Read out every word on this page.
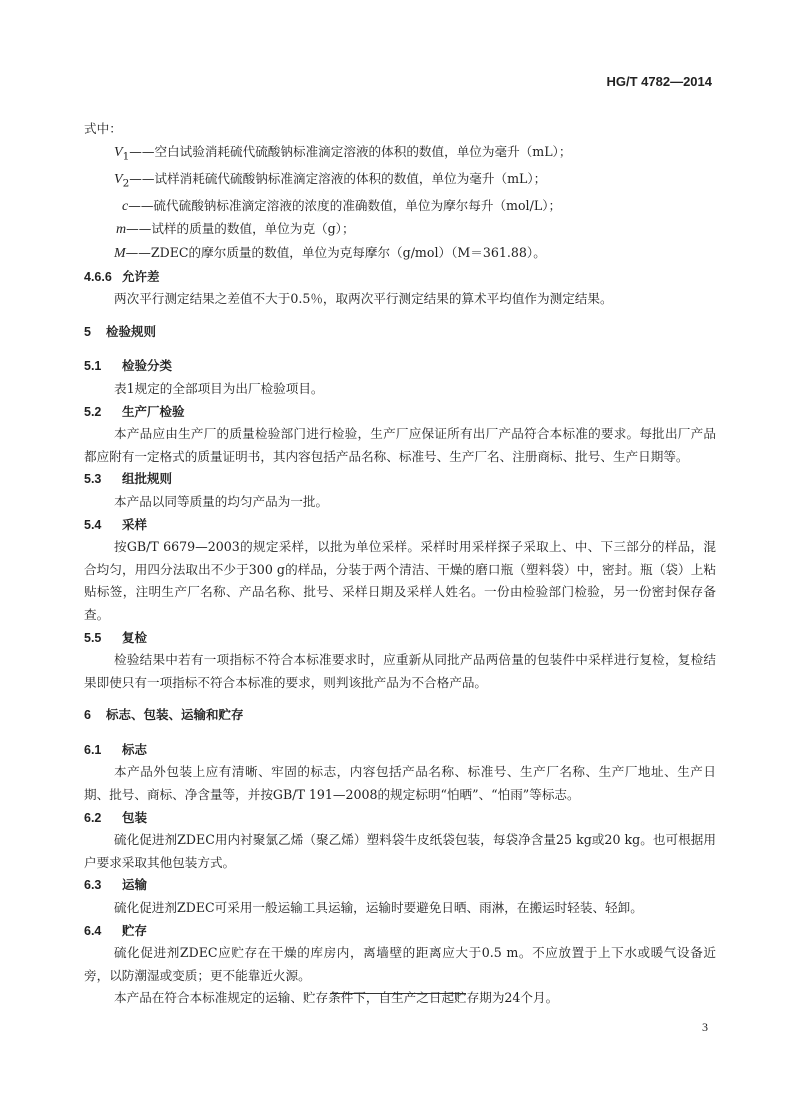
HG/T 4782—2014
式中：
$V_1——$空白试验消耗硫代硫酸钠标准滴定溶液的体积的数值，单位为毫升（mL）；
$V_2——$试样消耗硫代硫酸钠标准滴定溶液的体积的数值，单位为毫升（mL）；
c——硫代硫酸钠标准滴定溶液的浓度的准确数值，单位为摩尔每升（mol/L）；
m——试样的质量的数值，单位为克（g）；
M——ZDEC的摩尔质量的数值，单位为克每摩尔（g/mol）（M＝361.88）。
4.6.6 允许差
两次平行测定结果之差值不大于0.5％，取两次平行测定结果的算术平均值作为测定结果。
5 检验规则
5.1 检验分类
表1规定的全部项目为出厂检验项目。
5.2 生产厂检验
本产品应由生产厂的质量检验部门进行检验，生产厂应保证所有出厂产品符合本标准的要求。每批出厂产品都应附有一定格式的质量证明书，其内容包括产品名称、标准号、生产厂名、注册商标、批号、生产日期等。
5.3 组批规则
本产品以同等质量的均匀产品为一批。
5.4 采样
按GB/T 6679—2003的规定采样，以批为单位采样。采样时用采样探子采取上、中、下三部分的样品，混合均匀，用四分法取出不少于300 g的样品，分装于两个清洁、干燥的磨口瓶（塑料袋）中，密封。瓶（袋）上粘贴标签，注明生产厂名称、产品名称、批号、采样日期及采样人姓名。一份由检验部门检验，另一份密封保存备查。
5.5 复检
检验结果中若有一项指标不符合本标准要求时，应重新从同批产品两倍量的包装件中采样进行复检，复检结果即使只有一项指标不符合本标准的要求，则判该批产品为不合格产品。
6 标志、包装、运输和贮存
6.1 标志
本产品外包装上应有清晰、牢固的标志，内容包括产品名称、标准号、生产厂名称、生产厂地址、生产日期、批号、商标、净含量等，并按GB/T 191—2008的规定标明“怕晒”、“怕雨”等标志。
6.2 包装
硫化促进剂ZDEC用内衬聚氯乙烯（聚乙烯）塑料袋牛皮纸袋包装，每袋净含量25 kg或20 kg。也可根据用户要求采取其他包装方式。
6.3 运输
硫化促进剂ZDEC可采用一般运输工具运输，运输时要避免日晒、雨淋，在搬运时轻装、轻卸。
6.4 贮存
硫化促进剂ZDEC应贮存在干燥的库房内，离墙壁的距离应大于0.5 m。不应放置于上下水或暖气设备近旁，以防潮湿或变质；更不能靠近火源。
本产品在符合本标准规定的运输、贮存条件下，自生产之日起贮存期为24个月。
3
